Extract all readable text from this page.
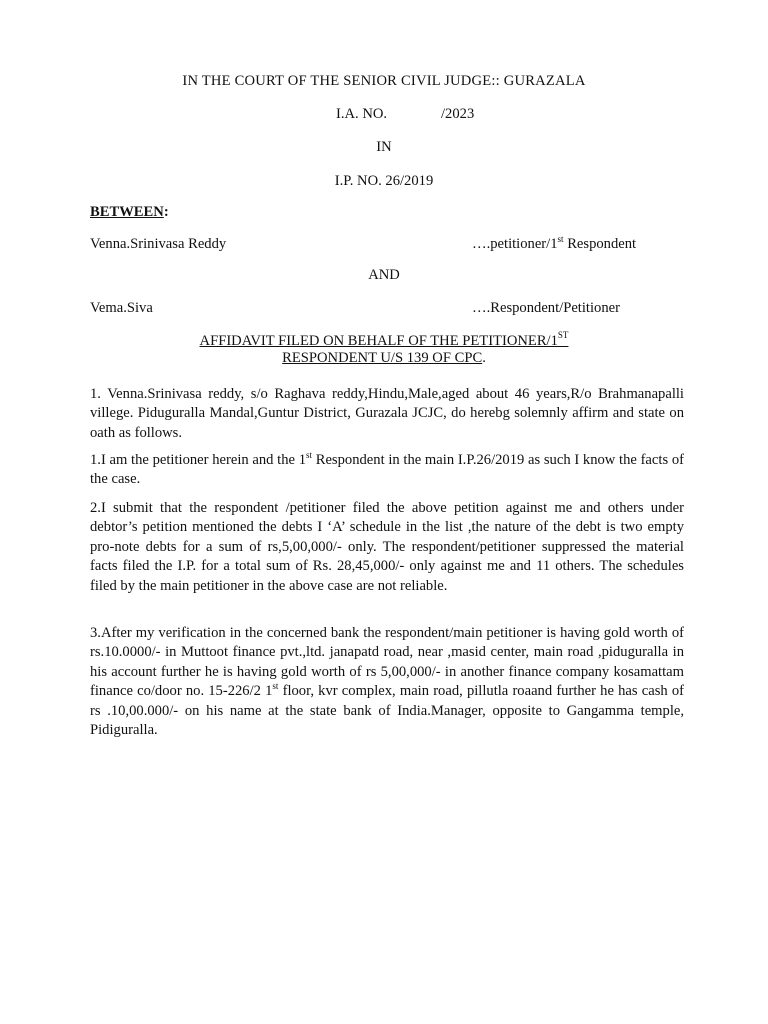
IN THE COURT OF THE SENIOR CIVIL JUDGE:: GURAZALA
I.A. NO.	/2023
IN
I.P. NO. 26/2019
BETWEEN:
Venna.Srinivasa Reddy	….petitioner/1st Respondent
AND
Vema.Siva	….Respondent/Petitioner
AFFIDAVIT FILED ON BEHALF OF THE PETITIONER/1ST
RESPONDENT U/S 139 OF CPC.

1. Venna.Srinivasa reddy, s/o Raghava reddy,Hindu,Male,aged about 46 years,R/o Brahmanapalli villege. Piduguralla Mandal,Guntur District, Gurazala JCJC, do herebg solemnly affirm and state on oath as follows.

1.I am the petitioner herein and the 1st Respondent in the main I.P.26/2019 as such I know the facts of the case.

2.I submit that the respondent /petitioner filed the above petition against me and others under debtor’s petition mentioned the debts I ‘A’ schedule in the list ,the nature of the debt is two empty pro-note debts for a sum of rs,5,00,000/- only. The respondent/petitioner suppressed the material facts filed the I.P. for a total sum of Rs. 28,45,000/- only against me and 11 others. The schedules filed by the main petitioner in the above case are not reliable.

3.After my verification in the concerned bank the respondent/main petitioner is having gold worth of rs.10.0000/- in Muttoot finance pvt.,ltd. janapatd road, near ,masid center, main road ,piduguralla in his account further he is having gold worth of rs 5,00,000/- in another finance company kosamattam finance co/door no. 15-226/2 1st floor, kvr complex, main road, pillutla roaand further he has cash of rs .10,00.000/- on his name at the state bank of India.Manager, opposite to Gangamma temple, Pidiguralla.
